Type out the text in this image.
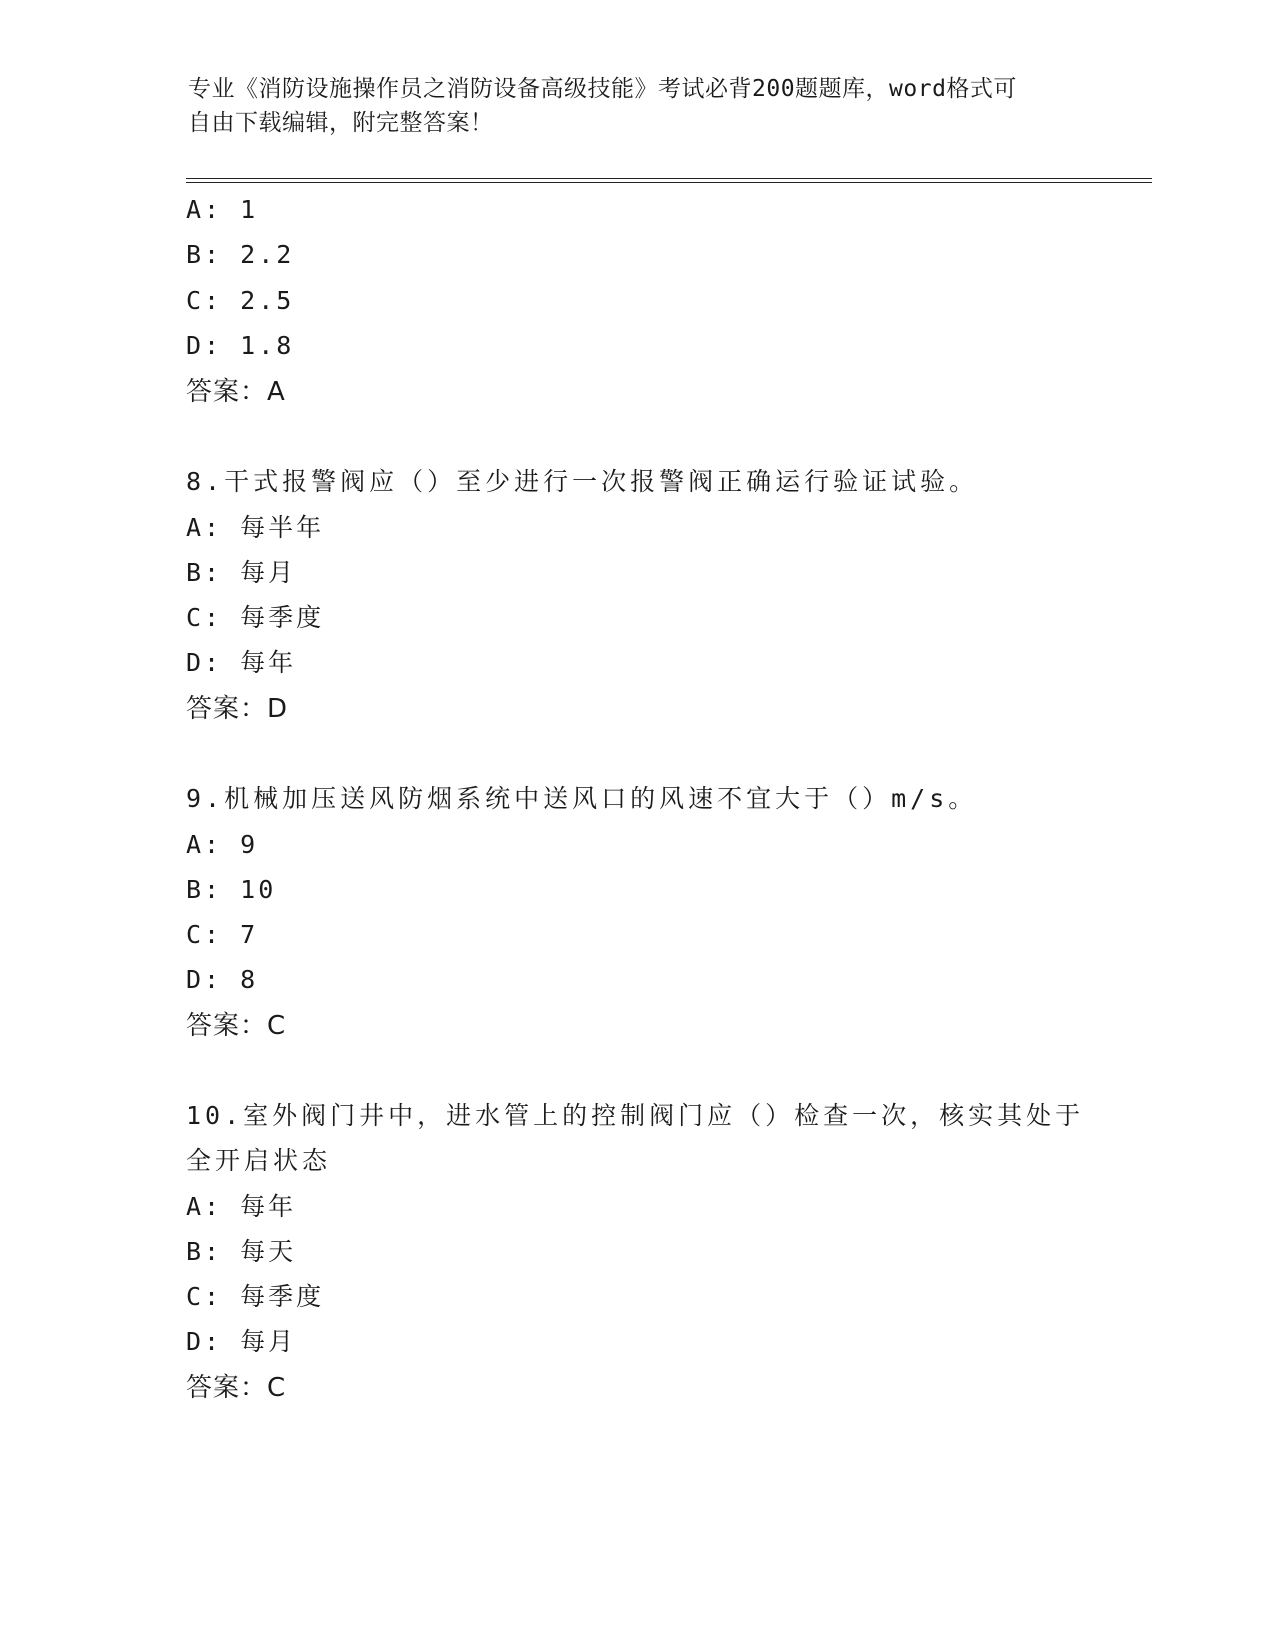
专业《消防设施操作员之消防设备高级技能》考试必背200题题库，word格式可
自由下载编辑，附完整答案！
A: 1
B: 2.2
C: 2.5
D: 1.8
答案：A
8.干式报警阀应（）至少进行一次报警阀正确运行验证试验。
A: 每半年
B: 每月
C: 每季度
D: 每年
答案：D
9.机械加压送风防烟系统中送风口的风速不宜大于（）m/s。
A: 9
B: 10
C: 7
D: 8
答案：C
10.室外阀门井中，进水管上的控制阀门应（）检查一次，核实其处于
全开启状态
A: 每年
B: 每天
C: 每季度
D: 每月
答案：C
